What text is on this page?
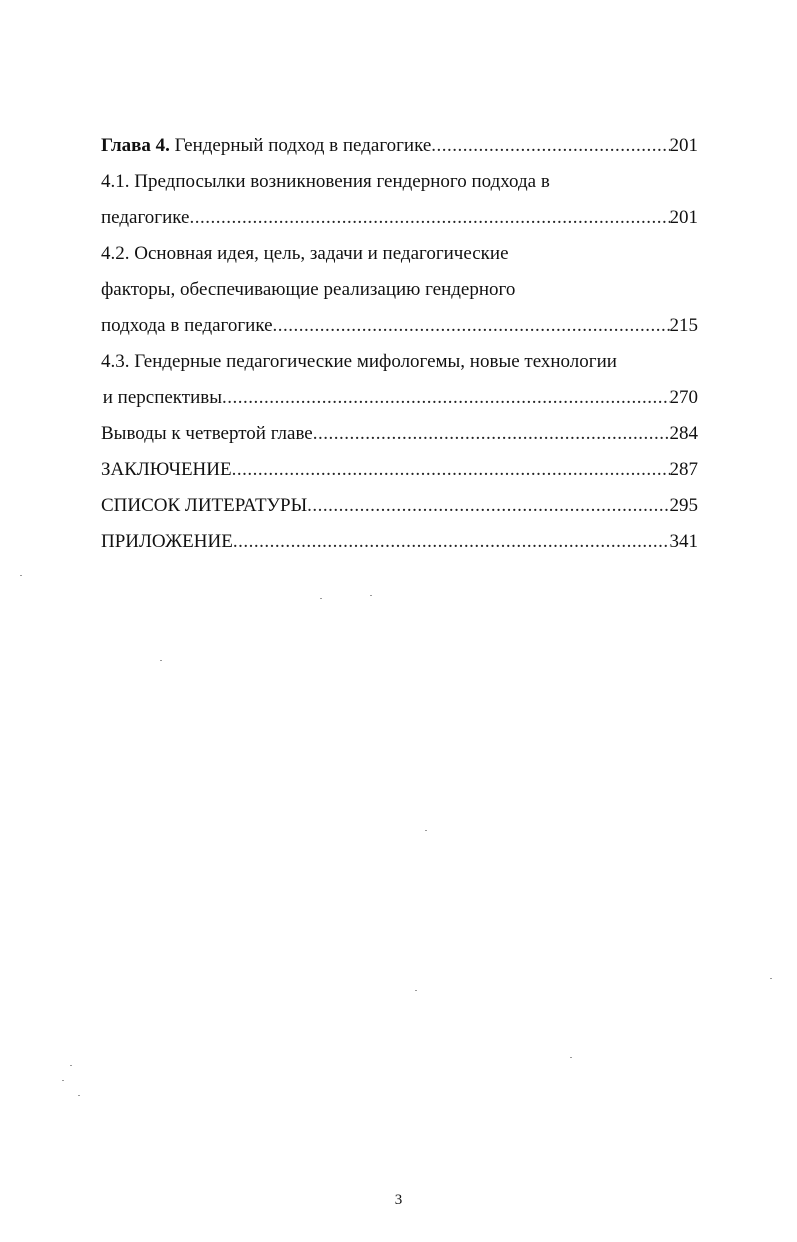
Глава 4. Гендерный подход в педагогике .....	201
4.1. Предпосылки возникновения гендерного подхода в
педагогике .....	201
4.2. Основная идея, цель, задачи и педагогические
факторы, обеспечивающие реализацию гендерного
подхода в педагогике .....	215
4.3. Гендерные педагогические мифологемы, новые технологии
и перспективы .....	270
Выводы к четвертой главе .....	284
ЗАКЛЮЧЕНИЕ .....	287
СПИСОК ЛИТЕРАТУРЫ .....	295
ПРИЛОЖЕНИЕ .....	341
3
